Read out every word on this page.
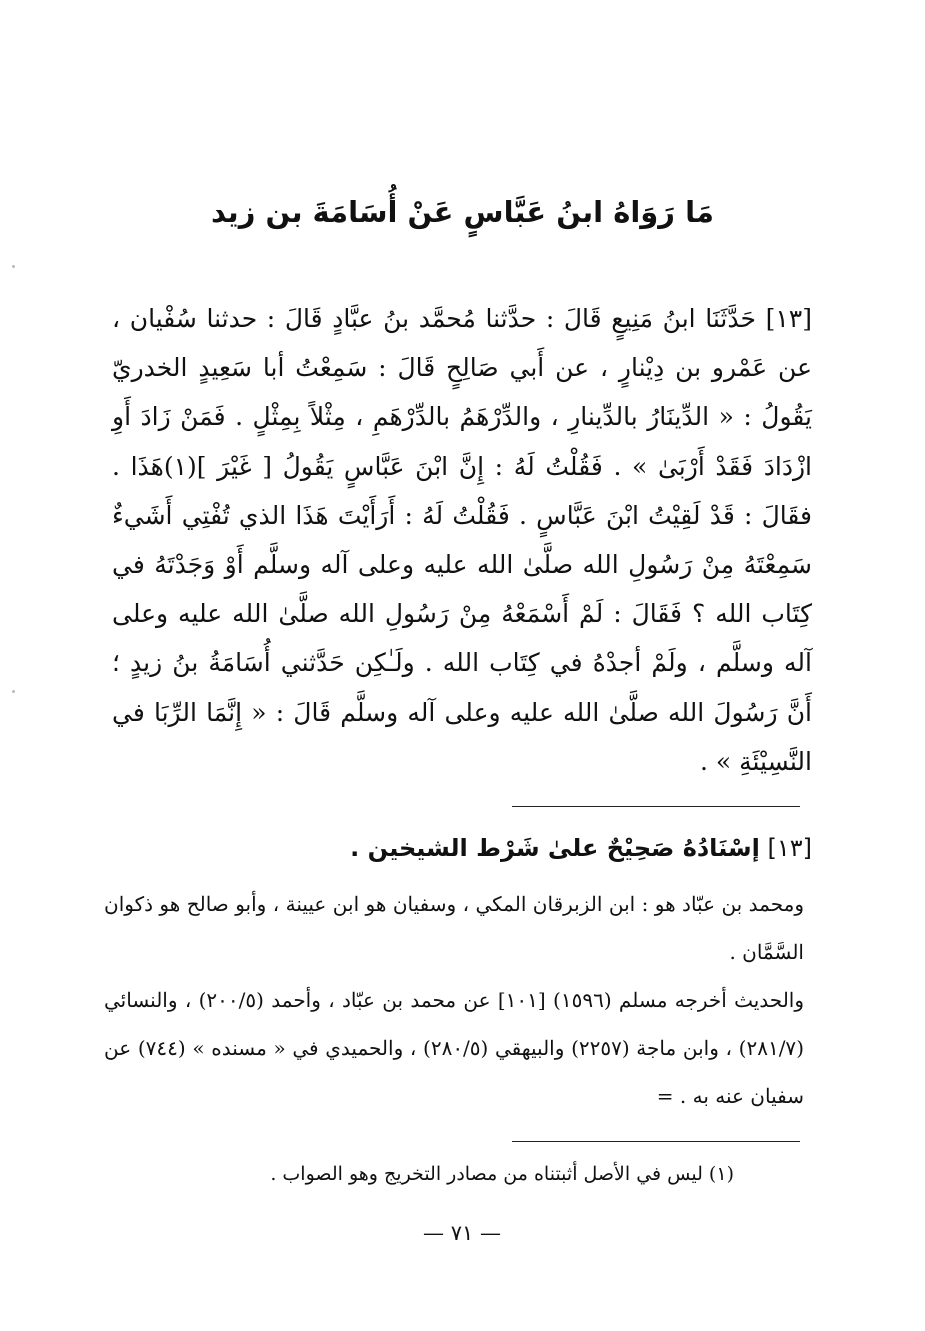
مَا رَوَاهُ ابنُ عَبَّاسٍ عَنْ أُسَامَةَ بن زيد
[١٣] حَدَّثَنَا ابنُ مَنِيعٍ قَالَ : حدَّثنا مُحمَّد بنُ عبَّادٍ قَالَ : حدثنا سُفْيان ، عن عَمْرو بن دِيْنارٍ ، عن أَبي صَالِحٍ قَالَ : سَمِعْتُ أبا سَعِيدٍ الخدريّ يَقُولُ : « الدِّينَارُ بالدِّينارِ ، والدِّرْهَمُ بالدِّرْهَمِ ، مِثْلاً بِمِثْلٍ . فَمَنْ زَادَ أَوِ ازْدَادَ فَقَدْ أَرْبَىٰ » . فَقُلْتُ لَهُ : إِنَّ ابْنَ عَبَّاسٍ يَقُولُ [ غَيْرَ ](١)هَذَا . فقَالَ : قَدْ لَقِيْتُ ابْنَ عَبَّاسٍ . فَقُلْتُ لَهُ : أَرَأَيْتَ هَذَا الذي تُفْتِي أَشَيءٌ سَمِعْتَهُ مِنْ رَسُولِ الله صلَّىٰ الله عليه وعلى آله وسلَّم أَوْ وَجَدْتَهُ في كِتَاب الله ؟ فَقَالَ : لَمْ أَسْمَعْهُ مِنْ رَسُولِ الله صلَّىٰ الله عليه وعلى آله وسلَّم ، ولَمْ أجدْهُ في كِتَاب الله . ولَـٰكِن حَدَّثني أُسَامَةُ بنُ زيدٍ ؛ أَنَّ رَسُولَ الله صلَّىٰ الله عليه وعلى آله وسلَّم قَالَ : « إِنَّمَا الرِّبَا في النَّسِيْئَةِ » .
[١٣] إسْنَادُهُ صَحِيْحٌ علىٰ شَرْط الشيخين .
ومحمد بن عبّاد هو : ابن الزبرقان المكي ، وسفيان هو ابن عيينة ، وأبو صالح هو ذكوان السَّمَّان .
والحديث أخرجه مسلم (١٥٩٦) [١٠١] عن محمد بن عبّاد ، وأحمد (٢٠٠/٥) ، والنسائي (٢٨١/٧) ، وابن ماجة (٢٢٥٧) والبيهقي (٢٨٠/٥) ، والحميدي في « مسنده » (٧٤٤) عن سفيان عنه به . =
(١) ليس في الأصل أثبتناه من مصادر التخريج وهو الصواب .
— ٧١ —
